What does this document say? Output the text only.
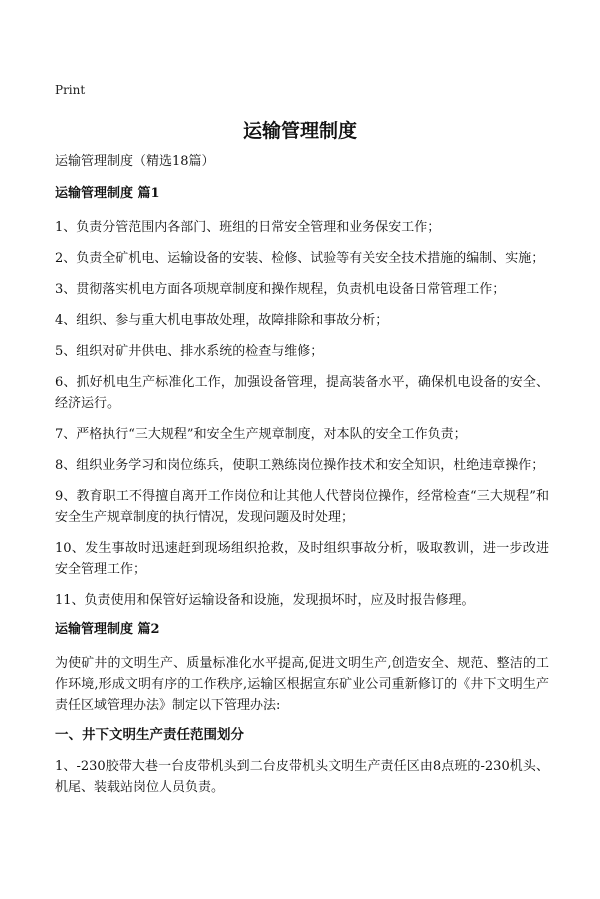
Print
运输管理制度
运输管理制度（精选18篇）
运输管理制度 篇1

1、负责分管范围内各部门、班组的日常安全管理和业务保安工作；

2、负责全矿机电、运输设备的安装、检修、试验等有关安全技术措施的编制、实施；

3、贯彻落实机电方面各项规章制度和操作规程，负责机电设备日常管理工作；

4、组织、参与重大机电事故处理，故障排除和事故分析；

5、组织对矿井供电、排水系统的检查与维修；

6、抓好机电生产标准化工作，加强设备管理，提高装备水平，确保机电设备的安全、经济运行。

7、严格执行“三大规程”和安全生产规章制度，对本队的安全工作负责；

8、组织业务学习和岗位练兵，使职工熟练岗位操作技术和安全知识，杜绝违章操作；

9、教育职工不得擅自离开工作岗位和让其他人代替岗位操作，经常检查“三大规程”和安全生产规章制度的执行情况，发现问题及时处理；

10、发生事故时迅速赶到现场组织抢救，及时组织事故分析，吸取教训，进一步改进安全管理工作；

11、负责使用和保管好运输设备和设施，发现损坏时，应及时报告修理。

运输管理制度 篇2

为使矿井的文明生产、质量标准化水平提高,促进文明生产,创造安全、规范、整洁的工作环境,形成文明有序的工作秩序,运输区根据宣东矿业公司重新修订的《井下文明生产责任区域管理办法》制定以下管理办法:

一、井下文明生产责任范围划分

1、-230胶带大巷一台皮带机头到二台皮带机头文明生产责任区由8点班的-230机头、机尾、装载站岗位人员负责。
